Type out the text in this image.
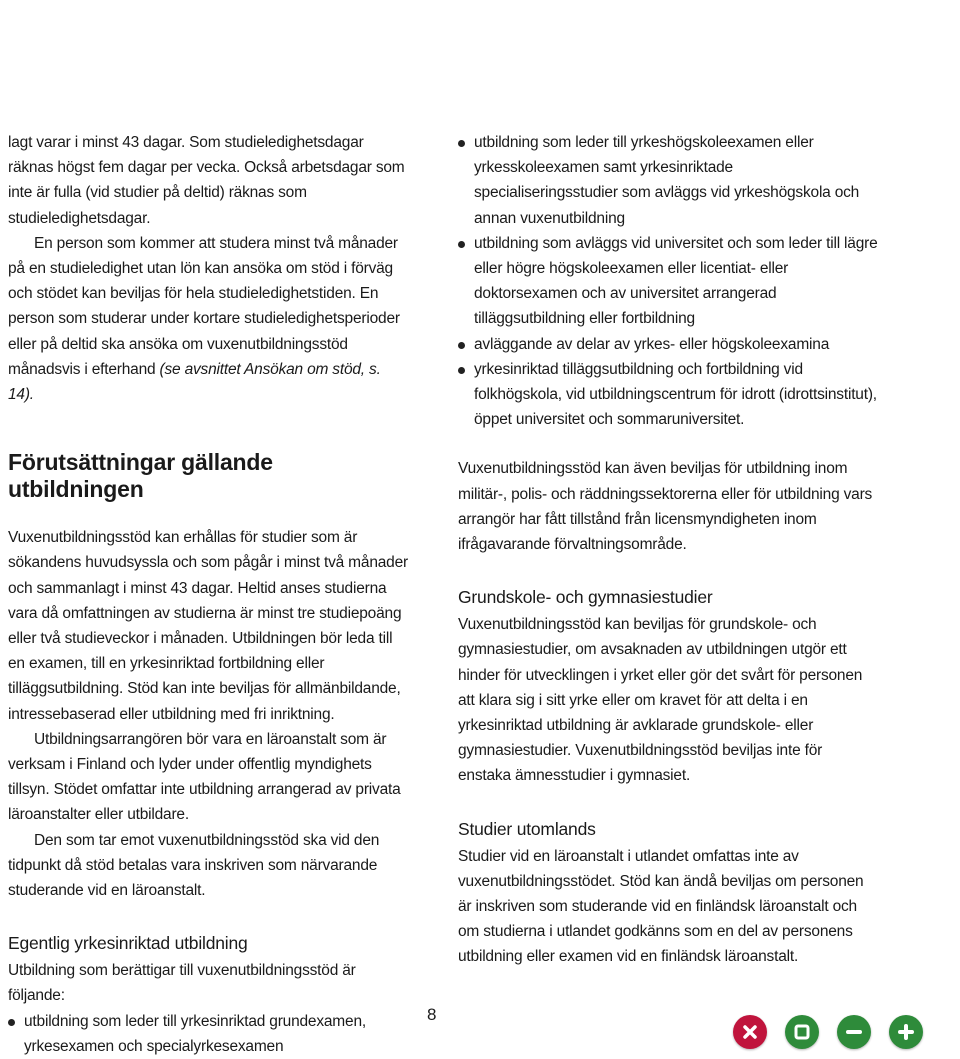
lagt varar i minst 43 dagar. Som studieledighetsdagar räknas högst fem dagar per vecka. Också arbetsdagar som inte är fulla (vid studier på deltid) räknas som studieledighetsdagar.

En person som kommer att studera minst två månader på en studieledighet utan lön kan ansöka om stöd i förväg och stödet kan beviljas för hela studieledighetstiden. En person som studerar under kortare studieledighetsperioder eller på deltid ska ansöka om vuxenutbildningsstöd månadsvis i efterhand (se avsnittet Ansökan om stöd, s. 14).

Förutsättningar gällande utbildningen

Vuxenutbildningsstöd kan erhållas för studier som är sökandens huvudsyssla och som pågår i minst två månader och sammanlagt i minst 43 dagar. Heltid anses studierna vara då omfattningen av studierna är minst tre studiepoäng eller två studieveckor i månaden. Utbildningen bör leda till en examen, till en yrkesinriktad fortbildning eller tilläggsutbildning. Stöd kan inte beviljas för allmänbildande, intressebaserad eller utbildning med fri inriktning.

Utbildningsarrangören bör vara en läroanstalt som är verksam i Finland och lyder under offentlig myndighets tillsyn. Stödet omfattar inte utbildning arrangerad av privata läroanstalter eller utbildare.

Den som tar emot vuxenutbildningsstöd ska vid den tidpunkt då stöd betalas vara inskriven som närvarande studerande vid en läroanstalt.

Egentlig yrkesinriktad utbildning

Utbildning som berättigar till vuxenutbildningsstöd är följande:

utbildning som leder till yrkesinriktad grundexamen, yrkesexamen och specialyrkesexamen
utbildning som leder till yrkeshögskoleexamen eller yrkesskoleexamen samt yrkesinriktade specialiseringsstudier som avläggs vid yrkeshögskola och annan vuxenutbildning
utbildning som avläggs vid universitet och som leder till lägre eller högre högskoleexamen eller licentiat- eller doktorsexamen och av universitet arrangerad tilläggsutbildning eller fortbildning
avläggande av delar av yrkes- eller högskoleexamina
yrkesinriktad tilläggsutbildning och fortbildning vid folkhögskola, vid utbildningscentrum för idrott (idrottsinstitut), öppet universitet och sommaruniversitet.

Vuxenutbildningsstöd kan även beviljas för utbildning inom militär-, polis- och räddningssektorerna eller för utbildning vars arrangör har fått tillstånd från licensmyndigheten inom ifrågavarande förvaltningsområde.

Grundskole- och gymnasiestudier

Vuxenutbildningsstöd kan beviljas för grundskole- och gymnasiestudier, om avsaknaden av utbildningen utgör ett hinder för utvecklingen i yrket eller gör det svårt för personen att klara sig i sitt yrke eller om kravet för att delta i en yrkesinriktad utbildning är avklarade grundskole- eller gymnasiestudier. Vuxenutbildningsstöd beviljas inte för enstaka ämnesstudier i gymnasiet.

Studier utomlands

Studier vid en läroanstalt i utlandet omfattas inte av vuxenutbildningsstödet. Stöd kan ändå beviljas om personen är inskriven som studerande vid en finländsk läroanstalt och om studierna i utlandet godkänns som en del av personens utbildning eller examen vid en finländsk läroanstalt.

8
